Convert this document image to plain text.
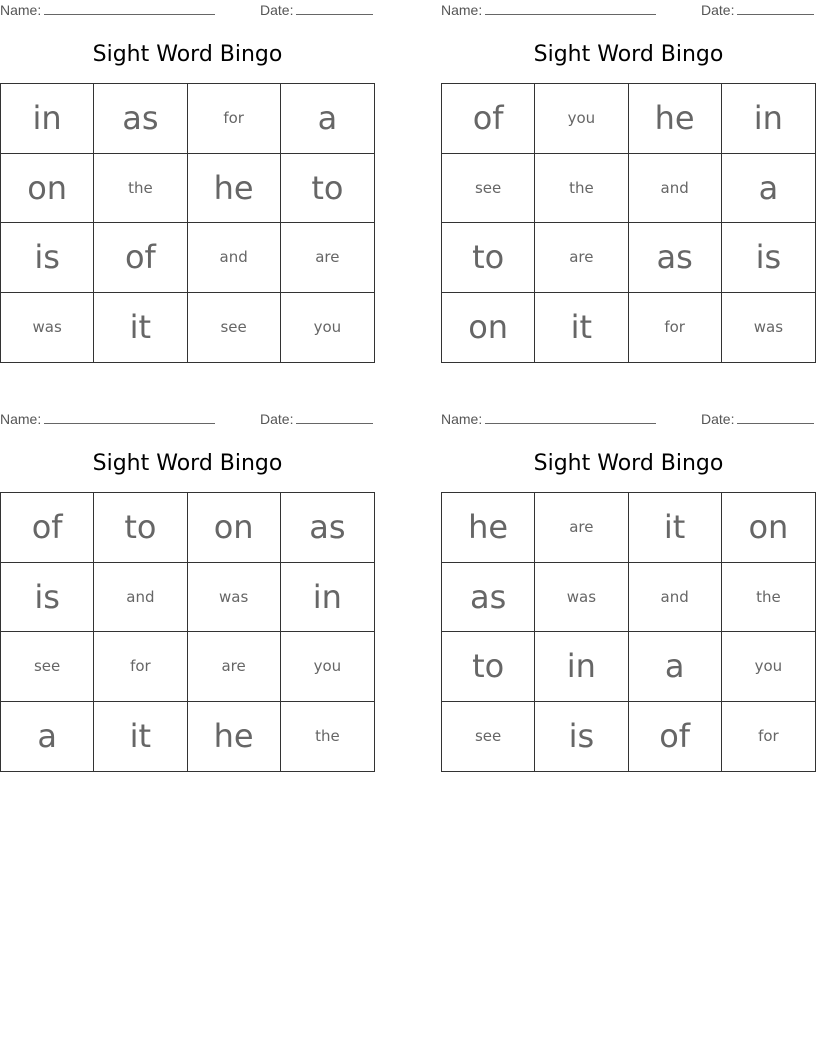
Name:	Date:
Sight Word Bingo
in	as	for	a
on	the	he	to
is	of	and	are
was	it	see	you
Name:	Date:
Sight Word Bingo
of	you	he	in
see	the	and	a
to	are	as	is
on	it	for	was
Name:	Date:
Sight Word Bingo
of	to	on	as
is	and	was	in
see	for	are	you
a	it	he	the
Name:	Date:
Sight Word Bingo
he	are	it	on
as	was	and	the
to	in	a	you
see	is	of	for
